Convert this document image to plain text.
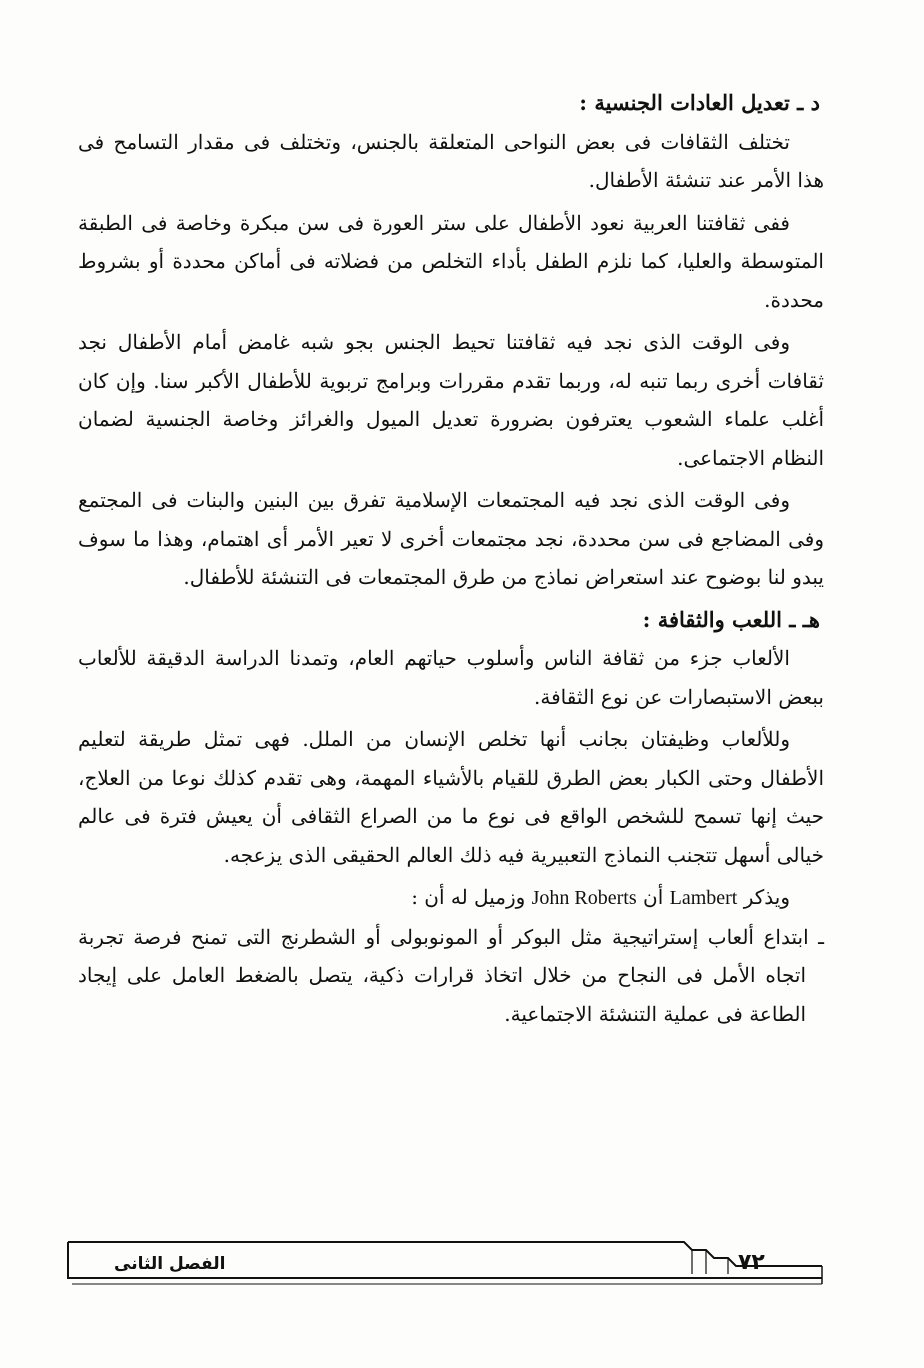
د ـ تعديل العادات الجنسية :

تختلف الثقافات فى بعض النواحى المتعلقة بالجنس، وتختلف فى مقدار التسامح فى هذا الأمر عند تنشئة الأطفال.

ففى ثقافتنا العربية نعود الأطفال على ستر العورة فى سن مبكرة وخاصة فى الطبقة المتوسطة والعليا، كما نلزم الطفل بأداء التخلص من فضلاته فى أماكن محددة أو بشروط محددة.

وفى الوقت الذى نجد فيه ثقافتنا تحيط الجنس بجو شبه غامض أمام الأطفال نجد ثقافات أخرى ربما تنبه له، وربما تقدم مقررات وبرامج تربوية للأطفال الأكبر سنا. وإن كان أغلب علماء الشعوب يعترفون بضرورة تعديل الميول والغرائز وخاصة الجنسية لضمان النظام الاجتماعى.

وفى الوقت الذى نجد فيه المجتمعات الإسلامية تفرق بين البنين والبنات فى المجتمع وفى المضاجع فى سن محددة، نجد مجتمعات أخرى لا تعير الأمر أى اهتمام، وهذا ما سوف يبدو لنا بوضوح عند استعراض نماذج من طرق المجتمعات فى التنشئة للأطفال.

هـ ـ اللعب والثقافة :

الألعاب جزء من ثقافة الناس وأسلوب حياتهم العام، وتمدنا الدراسة الدقيقة للألعاب ببعض الاستبصارات عن نوع الثقافة.

وللألعاب وظيفتان بجانب أنها تخلص الإنسان من الملل. فهى تمثل طريقة لتعليم الأطفال وحتى الكبار بعض الطرق للقيام بالأشياء المهمة، وهى تقدم كذلك نوعا من العلاج، حيث إنها تسمح للشخص الواقع فى نوع ما من الصراع الثقافى أن يعيش فترة فى عالم خيالى أسهل تتجنب النماذج التعبيرية فيه ذلك العالم الحقيقى الذى يزعجه.

ويذكر Lambert أن John Roberts وزميل له أن :

ـ ابتداع ألعاب إستراتيجية مثل البوكر أو المونوبولى أو الشطرنج التى تمنح فرصة تجربة اتجاه الأمل فى النجاح من خلال اتخاذ قرارات ذكية، يتصل بالضغط العامل على إيجاد الطاعة فى عملية التنشئة الاجتماعية.

الفصل الثانى	٧٢
